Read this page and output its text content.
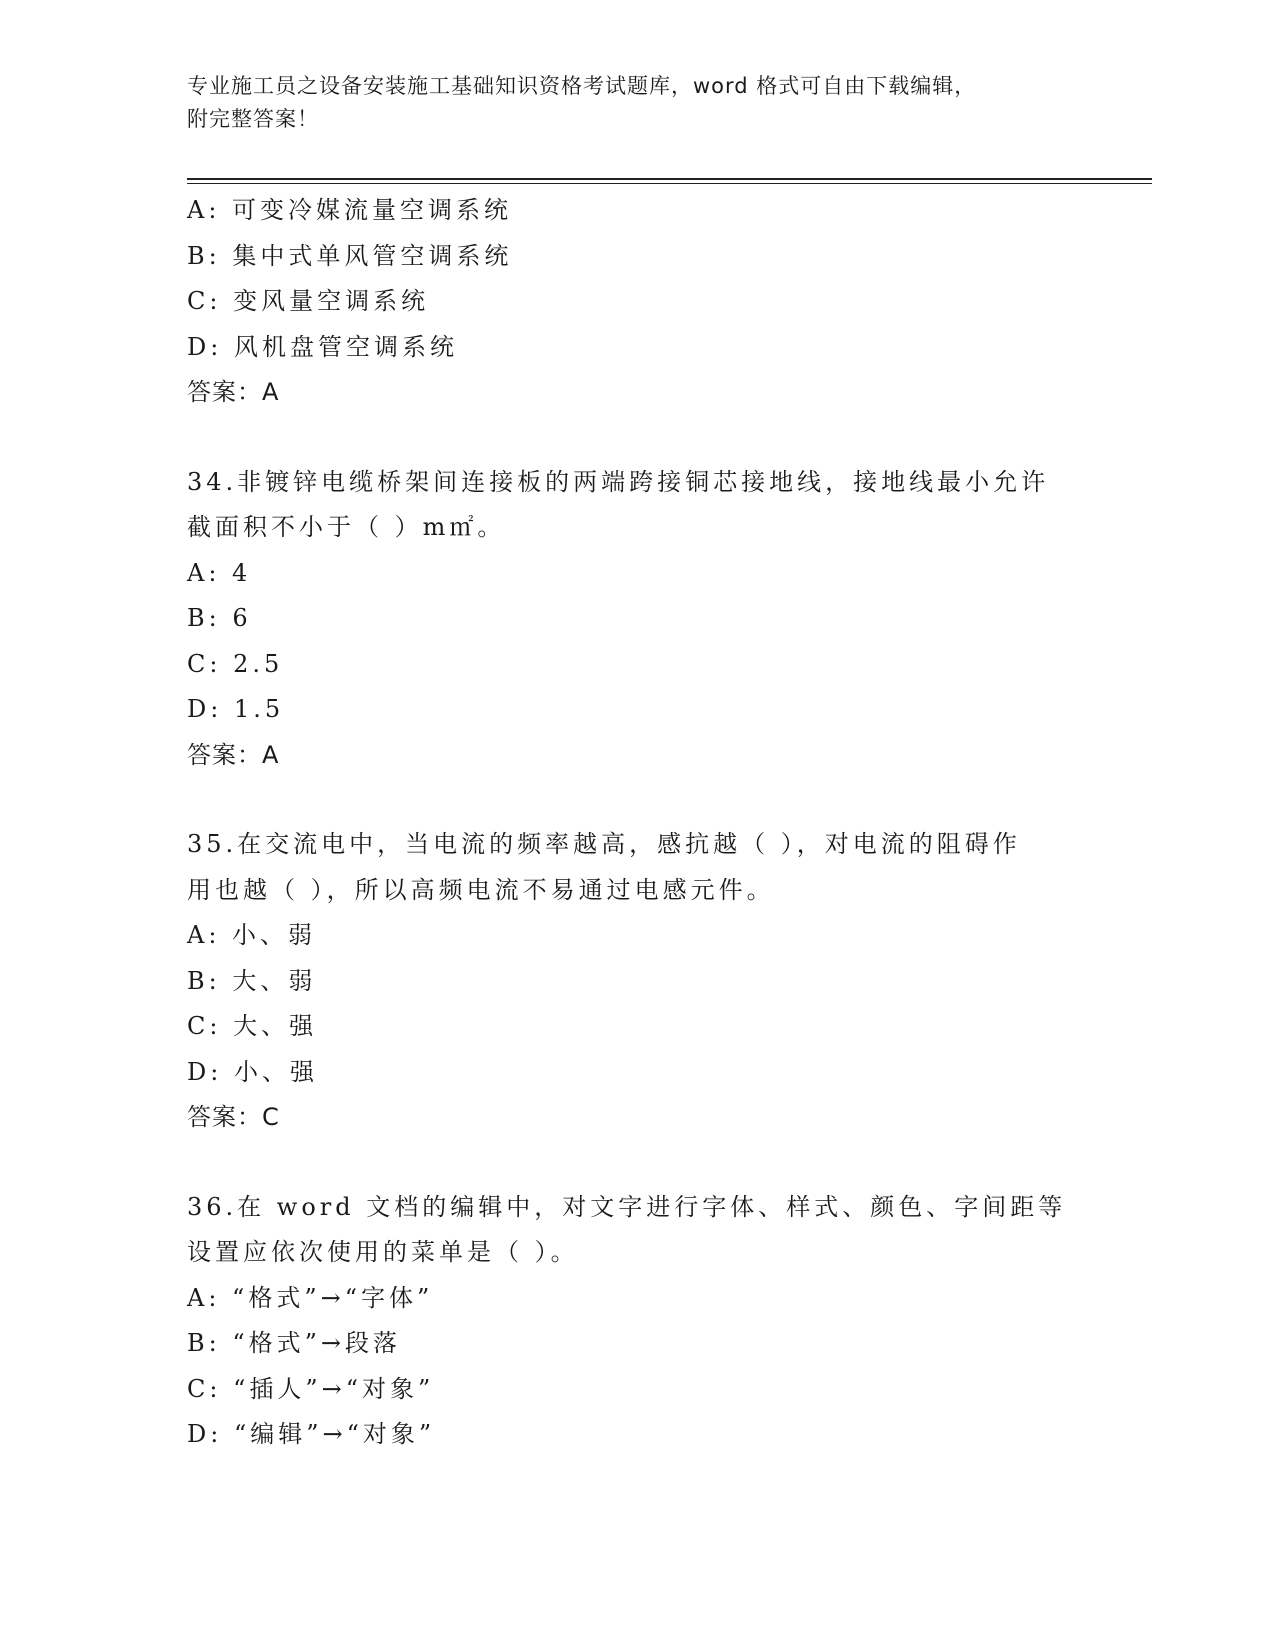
专业施工员之设备安装施工基础知识资格考试题库，word 格式可自由下载编辑，
附完整答案！
A: 可变冷媒流量空调系统
B: 集中式单风管空调系统
C: 变风量空调系统
D: 风机盘管空调系统
答案：A
34.非镀锌电缆桥架间连接板的两端跨接铜芯接地线，接地线最小允许
截面积不小于（ ）m㎡。
A: 4
B: 6
C: 2.5
D: 1.5
答案：A
35.在交流电中，当电流的频率越高，感抗越（ ），对电流的阻碍作
用也越（ ），所以高频电流不易通过电感元件。
A: 小、弱
B: 大、弱
C: 大、强
D: 小、强
答案：C
36.在 word 文档的编辑中，对文字进行字体、样式、颜色、字间距等
设置应依次使用的菜单是（ ）。
A: “格式”→“字体”
B: “格式”→段落
C: “插人”→“对象”
D: “编辑”→“对象”
